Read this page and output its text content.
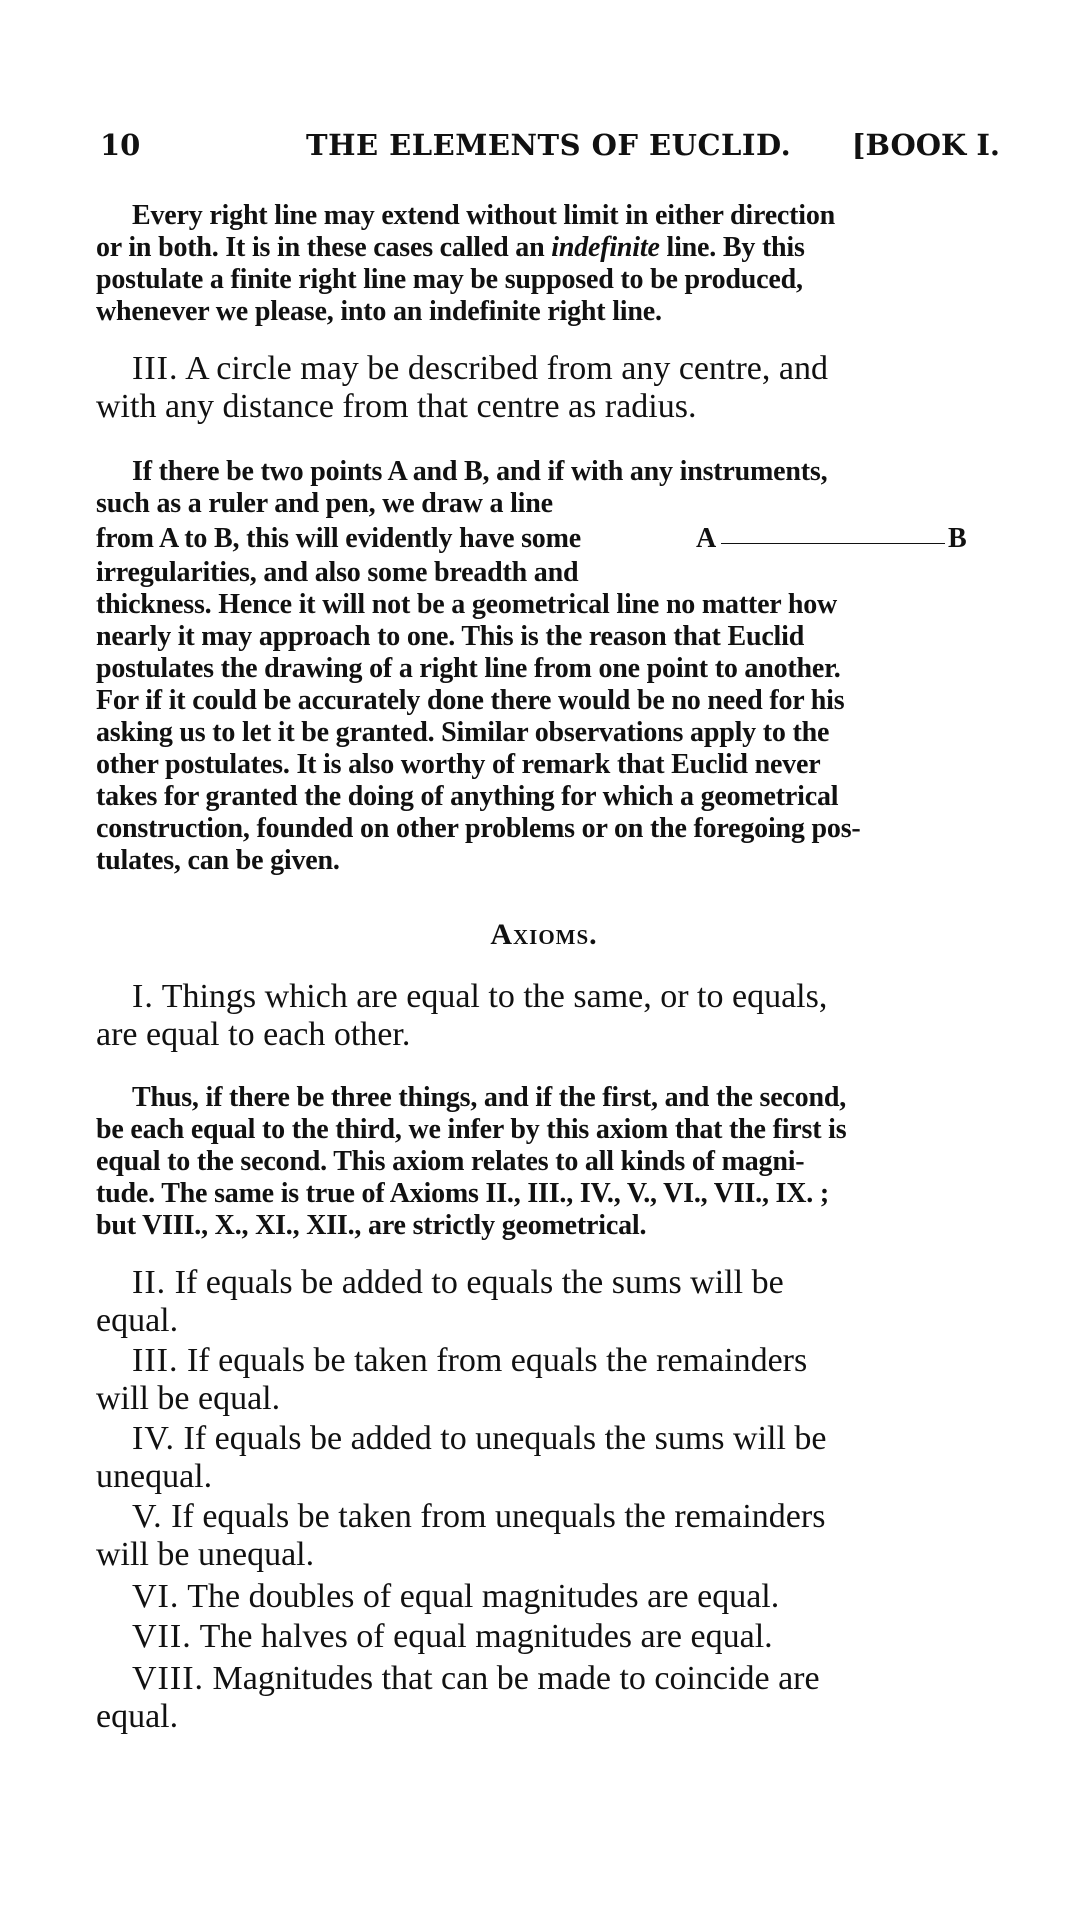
10	THE ELEMENTS OF EUCLID. [BOOK I.
Every right line may extend without limit in either direction
or in both. It is in these cases called an indefinite line. By this
postulate a finite right line may be supposed to be produced,
whenever we please, into an indefinite right line.
III. A circle may be described from any centre, and
with any distance from that centre as radius.
If there be two points A and B, and if with any instruments,
such as a ruler and pen, we draw a line
from A to B, this will evidently have some	A	B
irregularities, and also some breadth and
thickness. Hence it will not be a geometrical line no matter how
nearly it may approach to one. This is the reason that Euclid
postulates the drawing of a right line from one point to another.
For if it could be accurately done there would be no need for his
asking us to let it be granted. Similar observations apply to the
other postulates. It is also worthy of remark that Euclid never
takes for granted the doing of anything for which a geometrical
construction, founded on other problems or on the foregoing pos-
tulates, can be given.
Axioms.
I. Things which are equal to the same, or to equals,
are equal to each other.
Thus, if there be three things, and if the first, and the second,
be each equal to the third, we infer by this axiom that the first is
equal to the second. This axiom relates to all kinds of magni-
tude. The same is true of Axioms II., III., IV., V., VI., VII., IX. ;
but VIII., X., XI., XII., are strictly geometrical.
II. If equals be added to equals the sums will be
equal.
III. If equals be taken from equals the remainders
will be equal.
IV. If equals be added to unequals the sums will be
unequal.
V. If equals be taken from unequals the remainders
will be unequal.
VI. The doubles of equal magnitudes are equal.
VII. The halves of equal magnitudes are equal.
VIII. Magnitudes that can be made to coincide are
equal.
